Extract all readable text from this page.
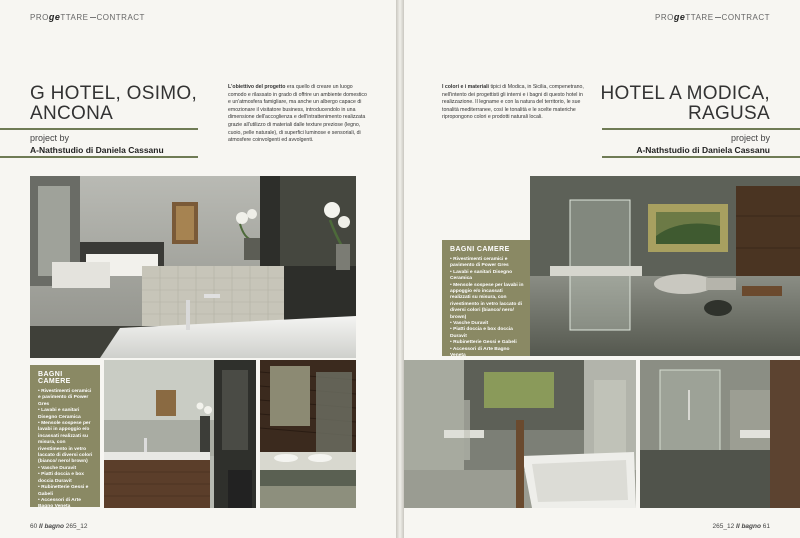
PROgeTTARE CONTRACT
G HOTEL, OSIMO,
ANCONA
project by
A-Nathstudio di Daniela Cassanu
L'obiettivo del progetto era quello di creare un luogo comodo e rilassato in grado di offrire un ambiente domestico e un'atmosfera famigliare, ma anche un albergo capace di emozionare il visitatore business, introducendolo in una dimensione dell'accoglienza e dell'intrattenimento realizzata grazie all'utilizzo di materiali dalle texture preziose (legno, cuoio, pelle naturale), di superfici luminose e sensoriali, di atmosfere coinvolgenti ed avvolgenti.
BAGNI CAMERE
• Rivestimenti ceramici e pavimento di Power Gres
• Lavabi e sanitari Disegno Ceramica
• Mensole sospese per lavabi in appoggio e/o incassati realizzati su misura, con rivestimento in vetro laccato di diversi colori (bianco/ nero/ brown)
• Vasche Duravit
• Piatti doccia e box doccia Duravit
• Rubinetterie Gessi e Gabeli
• Accessori di Arte Bagno Veneta
60 Il bagno 265_12
PROgeTTARE CONTRACT
I colori e i materiali tipici di Modica, in Sicilia, compenetrano, nell'intento dei progettisti gli interni e i bagni di questo hotel in realizzazione. Il legname e con la natura del territorio, le sue tonalità mediterranee, così le tonalità e le scelte materiche ripropongono colori e prodotti naturali locali.
HOTEL A MODICA,
RAGUSA
project by
A-Nathstudio di Daniela Cassanu
BAGNI CAMERE
• Rivestimenti ceramici e pavimento di Power Gres
• Lavabi e sanitari Disegno Ceramica
• Mensole sospese per lavabi in appoggio e/o incassati realizzati su misura, con rivestimento in vetro laccato di diversi colori (bianco/ nero/ brown)
• Vasche Duravit
• Piatti doccia e box doccia Duravit
• Rubinetterie Gessi e Gabeli
• Accessori di Arte Bagno Veneta
265_12 Il bagno 61
